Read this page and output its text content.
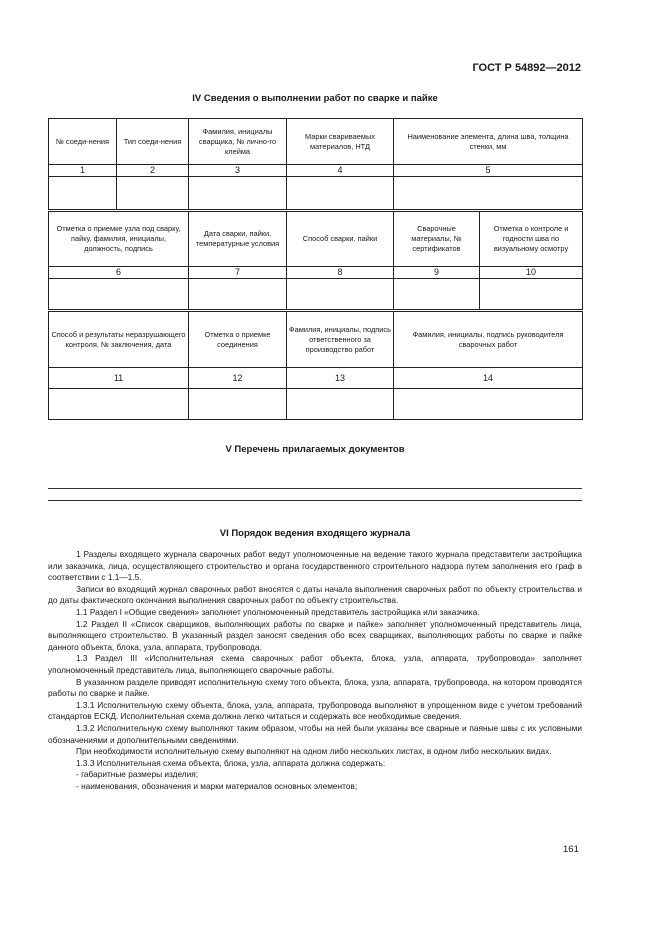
ГОСТ Р 54892—2012
IV Сведения о выполнении работ по сварке и пайке
№ соеди-нения	Тип соеди-нения	Фамилия, инициалы сварщика, № лично-го клейма	Марки свариваемых материалов, НТД	Наименование элемента, длина шва, толщина стенки, мм
1	2	3	4	5

Отметка о приемке узла под сварку, пайку, фамилия, инициалы, должность, подпись	Дата сварки, пайки, температурные условия	Способ сварки, пайки	Сварочные материалы, № сертификатов	Отметка о контроле и годности шва по визуальному осмотру
6	7	8	9	10

Способ и результаты неразрушающего контроля, № заключения, дата	Отметка о приемке соединения	Фамилия, инициалы, подпись ответственного за производство работ	Фамилия, инициалы, подпись руководителя сварочных работ
11	12	13	14

V Перечень прилагаемых документов
VI Порядок ведения входящего журнала

1 Разделы входящего журнала сварочных работ ведут уполномоченные на ведение такого журнала представители застройщика или заказчика, лица, осуществляющего строительство и органа государственного строительного надзора путем заполнения его граф в соответствии с 1.1—1.5.

Записи во входящий журнал сварочных работ вносятся с даты начала выполнения сварочных работ по объекту строительства и до даты фактического окончания выполнения сварочных работ по объекту строительства.

1.1 Раздел I «Общие сведения» заполняет уполномоченный представитель застройщика или заказчика.

1.2 Раздел II «Список сварщиков, выполняющих работы по сварке и пайке» заполняет уполномоченный представитель лица, выполняющего строительство. В указанный раздел заносят сведения обо всех сварщиках, выполняющих работы по сварке и пайке данного объекта, блока, узла, аппарата, трубопровода.

1.3 Раздел III «Исполнительная схема сварочных работ объекта, блока, узла, аппарата, трубопровода» заполняет уполномоченный представитель лица, выполняющего сварочные работы.

В указанном разделе приводят исполнительную схему того объекта, блока, узла, аппарата, трубопровода, на котором проводятся работы по сварке и пайке.

1.3.1 Исполнительную схему объекта, блока, узла, аппарата, трубопровода выполняют в упрощенном виде с учетом требований стандартов ЕСКД. Исполнительная схема должна легко читаться и содержать все необходимые сведения.

1.3.2 Исполнительную схему выполняют таким образом, чтобы на ней были указаны все сварные и паяные швы с их условными обозначениями и дополнительными сведениями.

При необходимости исполнительную схему выполняют на одном либо нескольких листах, в одном либо нескольких видах.

1.3.3 Исполнительная схема объекта, блока, узла, аппарата должна содержать:

- габаритные размеры изделия;

- наименования, обозначения и марки материалов основных элементов;

161
